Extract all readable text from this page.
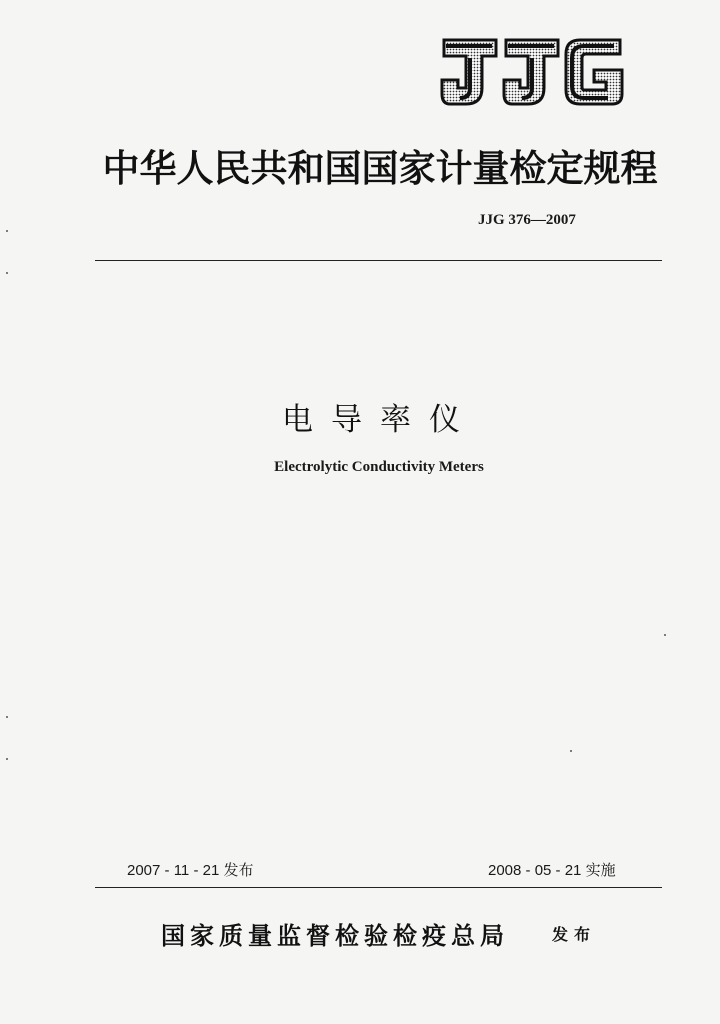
中华人民共和国国家计量检定规程
JJG 376—2007
电导率仪
Electrolytic Conductivity Meters
2007 - 11 - 21 发布	2008 - 05 - 21 实施
国家质量监督检验检疫总局	发布
